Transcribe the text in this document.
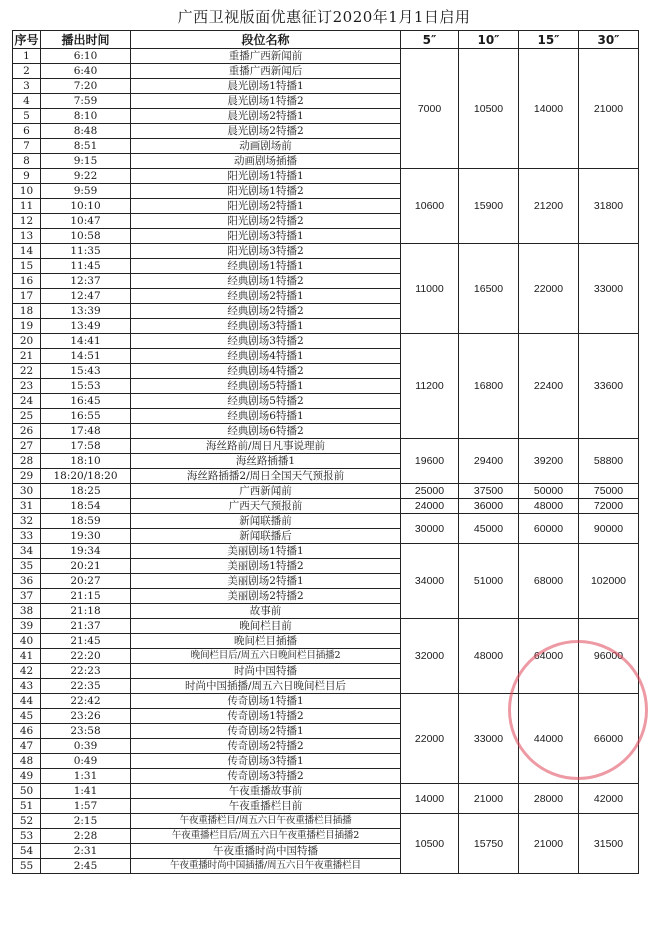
广西卫视版面优惠征订2020年1月1日启用
序号	播出时间	段位名称	5″	10″	15″	30″
1	6:10	重播广西新闻前	7000	10500	14000	21000
2	6:40	重播广西新闻后				
3	7:20	晨光剧场1特播1				
4	7:59	晨光剧场1特播2				
5	8:10	晨光剧场2特播1				
6	8:48	晨光剧场2特播2				
7	8:51	动画剧场前				
8	9:15	动画剧场插播				
9	9:22	阳光剧场1特播1	10600	15900	21200	31800
10	9:59	阳光剧场1特播2				
11	10:10	阳光剧场2特播1				
12	10:47	阳光剧场2特播2				
13	10:58	阳光剧场3特播1				
14	11:35	阳光剧场3特播2	11000	16500	22000	33000
15	11:45	经典剧场1特播1				
16	12:37	经典剧场1特播2				
17	12:47	经典剧场2特播1				
18	13:39	经典剧场2特播2				
19	13:49	经典剧场3特播1				
20	14:41	经典剧场3特播2	11200	16800	22400	33600
21	14:51	经典剧场4特播1				
22	15:43	经典剧场4特播2				
23	15:53	经典剧场5特播1				
24	16:45	经典剧场5特播2				
25	16:55	经典剧场6特播1				
26	17:48	经典剧场6特播2				
27	17:58	海丝路前/周日凡事说理前	19600	29400	39200	58800
28	18:10	海丝路插播1				
29	18:20/18:20	海丝路插播2/周日全国天气预报前				
30	18:25	广西新闻前	25000	37500	50000	75000
31	18:54	广西天气预报前	24000	36000	48000	72000
32	18:59	新闻联播前	30000	45000	60000	90000
33	19:30	新闻联播后				
34	19:34	美丽剧场1特播1	34000	51000	68000	102000
35	20:21	美丽剧场1特播2				
36	20:27	美丽剧场2特播1				
37	21:15	美丽剧场2特播2				
38	21:18	故事前				
39	21:37	晚间栏目前	32000	48000	64000	96000
40	21:45	晚间栏目插播				
41	22:20	晚间栏目后/周五六日晚间栏目插播2				
42	22:23	时尚中国特播				
43	22:35	时尚中国插播/周五六日晚间栏目后				
44	22:42	传奇剧场1特播1	22000	33000	44000	66000
45	23:26	传奇剧场1特播2				
46	23:58	传奇剧场2特播1				
47	0:39	传奇剧场2特播2				
48	0:49	传奇剧场3特播1				
49	1:31	传奇剧场3特播2				
50	1:41	午夜重播故事前	14000	21000	28000	42000
51	1:57	午夜重播栏目前				
52	2:15	午夜重播栏目/周五六日午夜重播栏目插播	10500	15750	21000	31500
53	2:28	午夜重播栏目后/周五六日午夜重播栏目插播2				
54	2:31	午夜重播时尚中国特播				
55	2:45	午夜重播时尚中国插播/周五六日午夜重播栏目				
